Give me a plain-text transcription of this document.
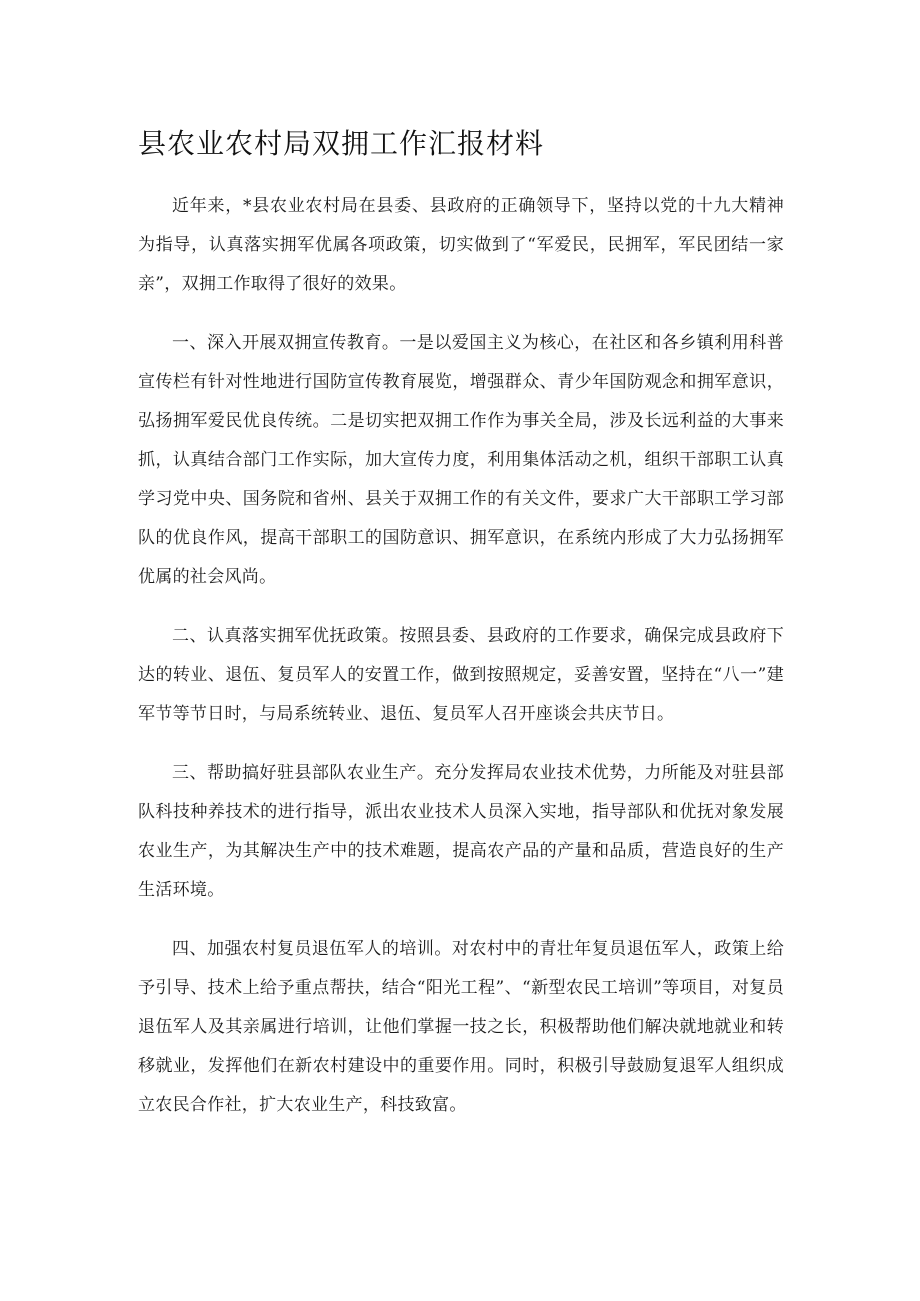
县农业农村局双拥工作汇报材料

近年来，*县农业农村局在县委、县政府的正确领导下，坚持以党的十九大精神为指导，认真落实拥军优属各项政策，切实做到了“军爱民，民拥军，军民团结一家亲”，双拥工作取得了很好的效果。

一、深入开展双拥宣传教育。一是以爱国主义为核心，在社区和各乡镇利用科普宣传栏有针对性地进行国防宣传教育展览，增强群众、青少年国防观念和拥军意识，弘扬拥军爱民优良传统。二是切实把双拥工作作为事关全局，涉及长远利益的大事来抓，认真结合部门工作实际，加大宣传力度，利用集体活动之机，组织干部职工认真学习党中央、国务院和省州、县关于双拥工作的有关文件，要求广大干部职工学习部队的优良作风，提高干部职工的国防意识、拥军意识，在系统内形成了大力弘扬拥军优属的社会风尚。

二、认真落实拥军优抚政策。按照县委、县政府的工作要求，确保完成县政府下达的转业、退伍、复员军人的安置工作，做到按照规定，妥善安置，坚持在“八一”建军节等节日时，与局系统转业、退伍、复员军人召开座谈会共庆节日。

三、帮助搞好驻县部队农业生产。充分发挥局农业技术优势，力所能及对驻县部队科技种养技术的进行指导，派出农业技术人员深入实地，指导部队和优抚对象发展农业生产，为其解决生产中的技术难题，提高农产品的产量和品质，营造良好的生产生活环境。

四、加强农村复员退伍军人的培训。对农村中的青壮年复员退伍军人，政策上给予引导、技术上给予重点帮扶，结合“阳光工程”、“新型农民工培训”等项目，对复员退伍军人及其亲属进行培训，让他们掌握一技之长，积极帮助他们解决就地就业和转移就业，发挥他们在新农村建设中的重要作用。同时，积极引导鼓励复退军人组织成立农民合作社，扩大农业生产，科技致富。
